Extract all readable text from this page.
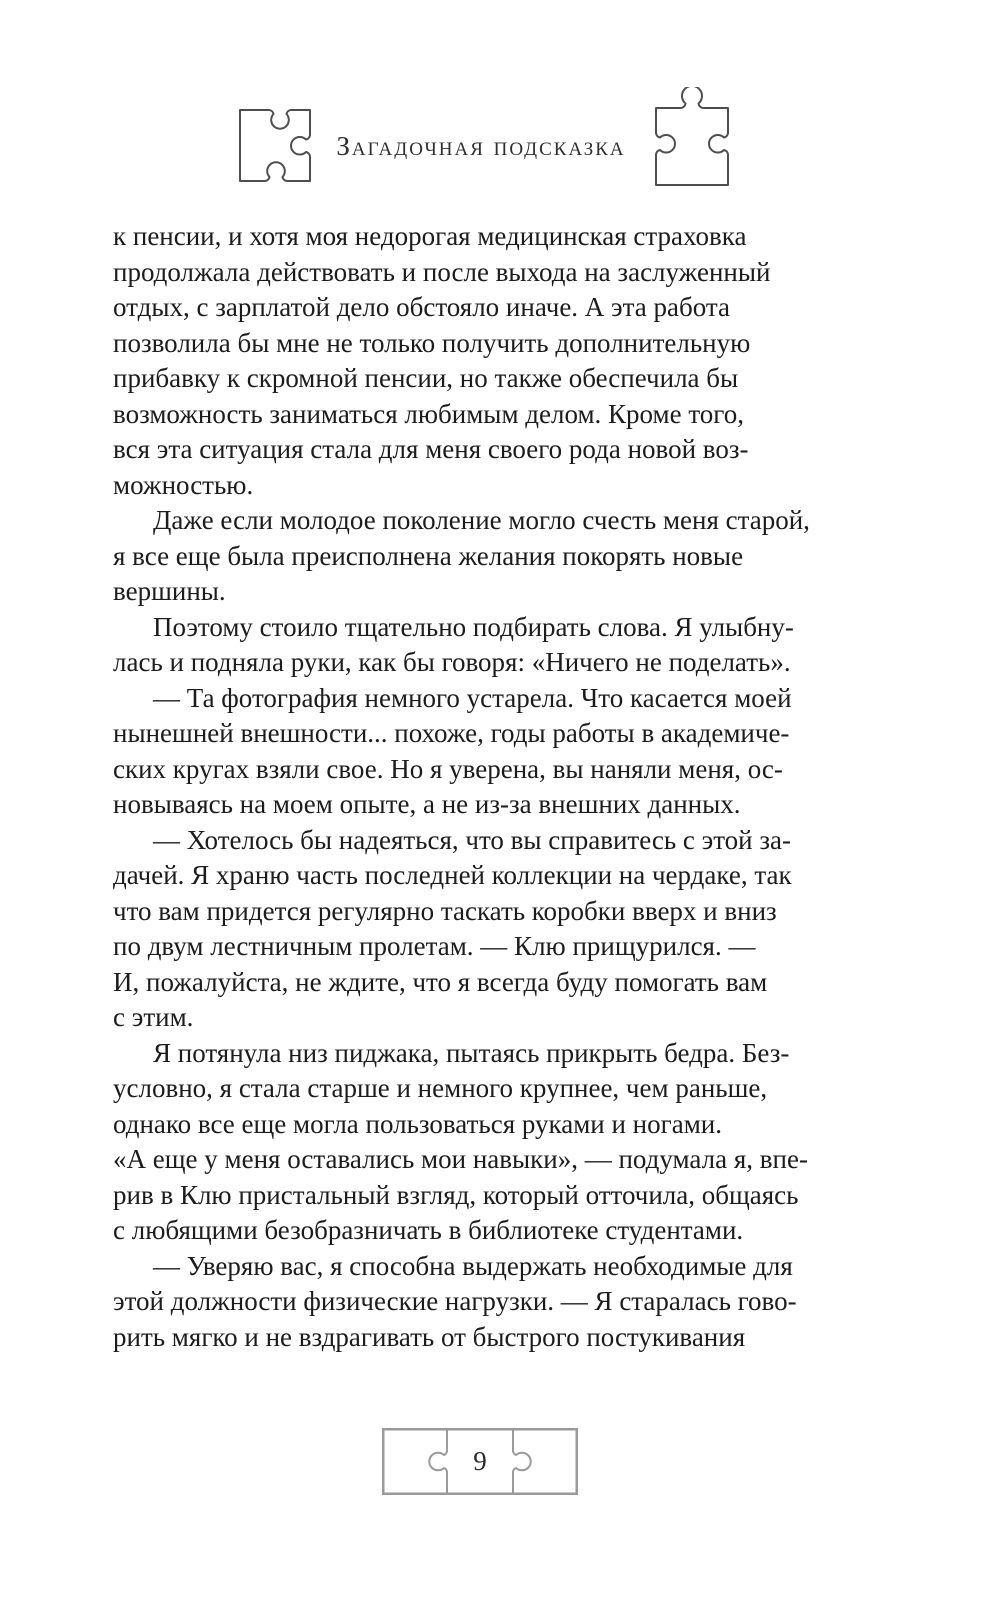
Загадочная подсказка
к пенсии, и хотя моя недорогая медицинская страховка
продолжала действовать и после выхода на заслуженный
отдых, с зарплатой дело обстояло иначе. А эта работа
позволила бы мне не только получить дополнительную
прибавку к скромной пенсии, но также обеспечила бы
возможность заниматься любимым делом. Кроме того,
вся эта ситуация стала для меня своего рода новой воз-
можностью.
Даже если молодое поколение могло счесть меня старой,
я все еще была преисполнена желания покорять новые
вершины.
Поэтому стоило тщательно подбирать слова. Я улыбну-
лась и подняла руки, как бы говоря: «Ничего не поделать».
— Та фотография немного устарела. Что касается моей
нынешней внешности... похоже, годы работы в академиче-
ских кругах взяли свое. Но я уверена, вы наняли меня, ос-
новываясь на моем опыте, а не из-за внешних данных.
— Хотелось бы надеяться, что вы справитесь с этой за-
дачей. Я храню часть последней коллекции на чердаке, так
что вам придется регулярно таскать коробки вверх и вниз
по двум лестничным пролетам. — Клю прищурился. —
И, пожалуйста, не ждите, что я всегда буду помогать вам
с этим.
Я потянула низ пиджака, пытаясь прикрыть бедра. Без-
условно, я стала старше и немного крупнее, чем раньше,
однако все еще могла пользоваться руками и ногами.
«А еще у меня оставались мои навыки», — подумала я, впе-
рив в Клю пристальный взгляд, который отточила, общаясь
с любящими безобразничать в библиотеке студентами.
— Уверяю вас, я способна выдержать необходимые для
этой должности физические нагрузки. — Я старалась гово-
рить мягко и не вздрагивать от быстрого постукивания
9
